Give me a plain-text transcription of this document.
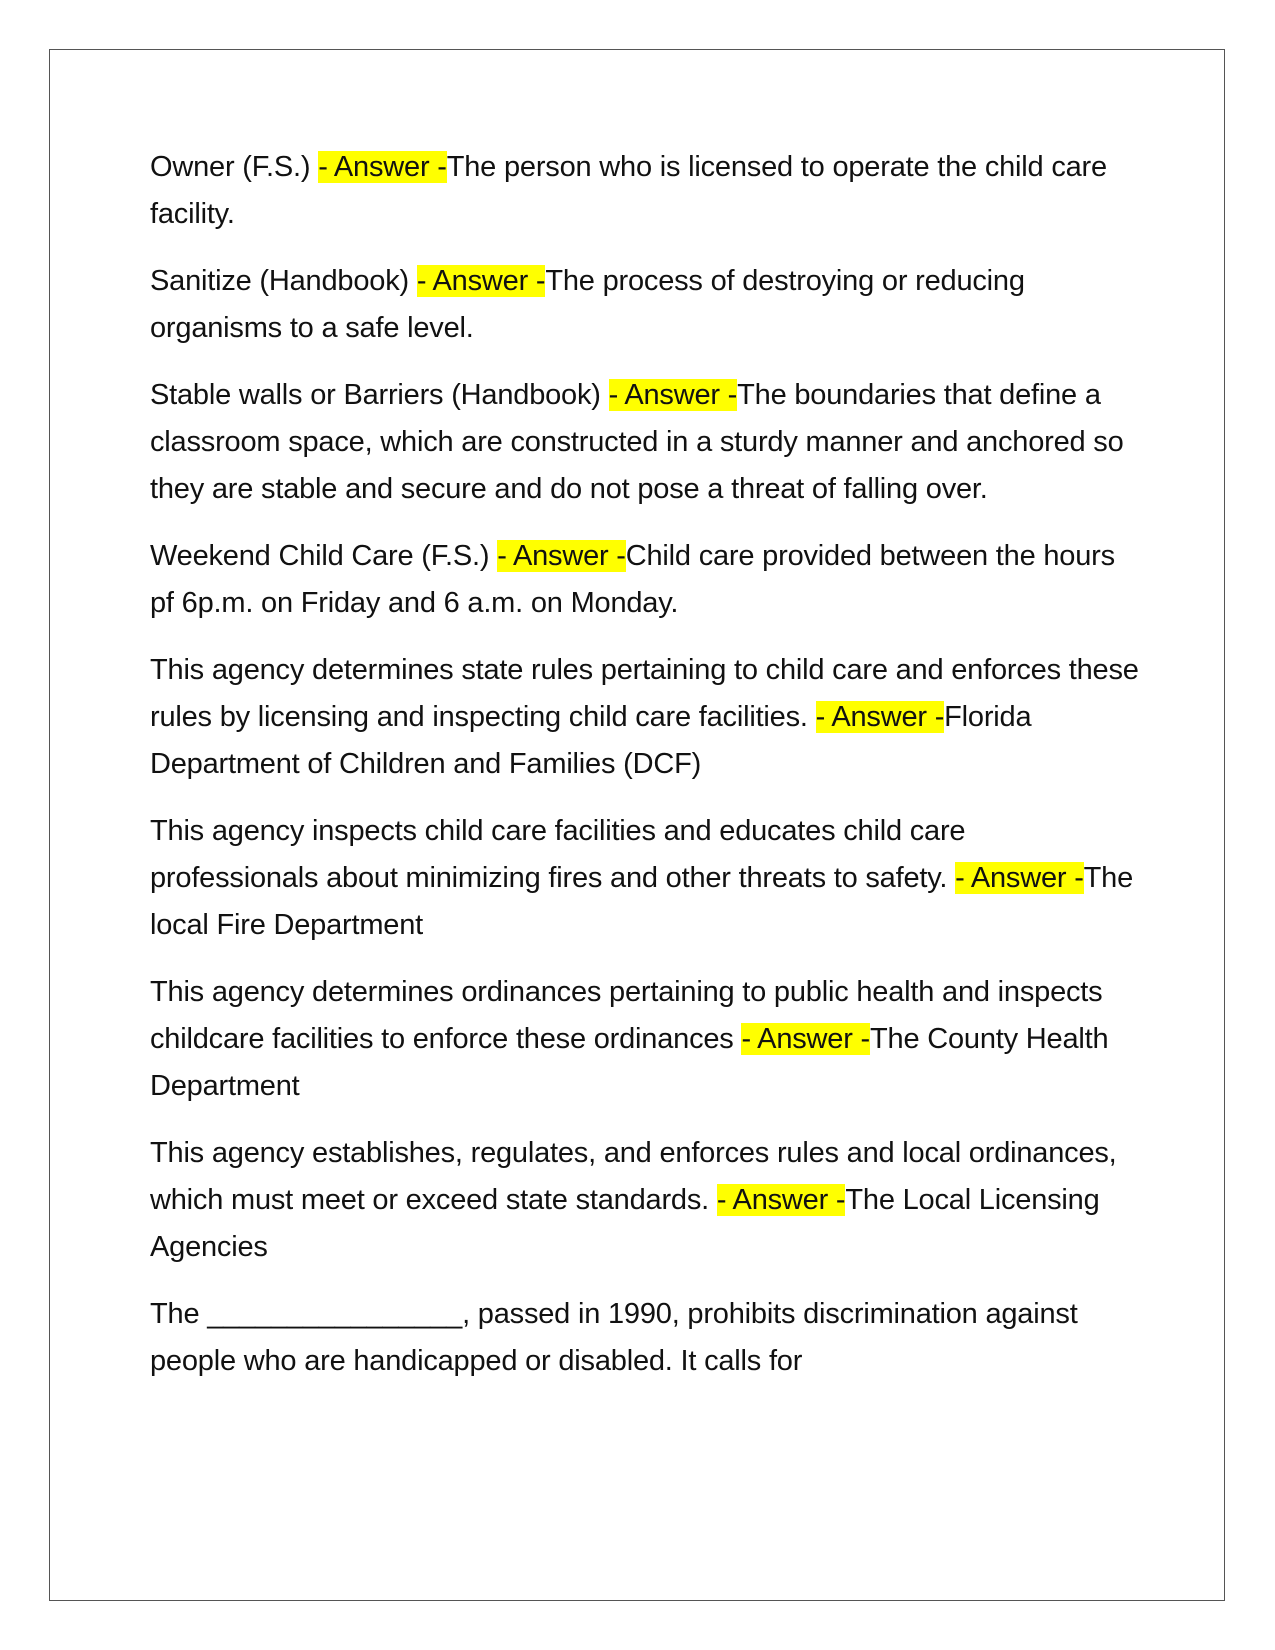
Owner (F.S.) - Answer -The person who is licensed to operate the child care facility.

Sanitize (Handbook) - Answer -The process of destroying or reducing organisms to a safe level.

Stable walls or Barriers (Handbook) - Answer -The boundaries that define a classroom space, which are constructed in a sturdy manner and anchored so they are stable and secure and do not pose a threat of falling over.

Weekend Child Care (F.S.) - Answer -Child care provided between the hours pf 6p.m. on Friday and 6 a.m. on Monday.

This agency determines state rules pertaining to child care and enforces these rules by licensing and inspecting child care facilities. - Answer -Florida Department of Children and Families (DCF)

This agency inspects child care facilities and educates child care professionals about minimizing fires and other threats to safety. - Answer -The local Fire Department

This agency determines ordinances pertaining to public health and inspects childcare facilities to enforce these ordinances - Answer -The County Health Department

This agency establishes, regulates, and enforces rules and local ordinances, which must meet or exceed state standards. - Answer -The Local Licensing Agencies

The ________________, passed in 1990, prohibits discrimination against people who are handicapped or disabled. It calls for
